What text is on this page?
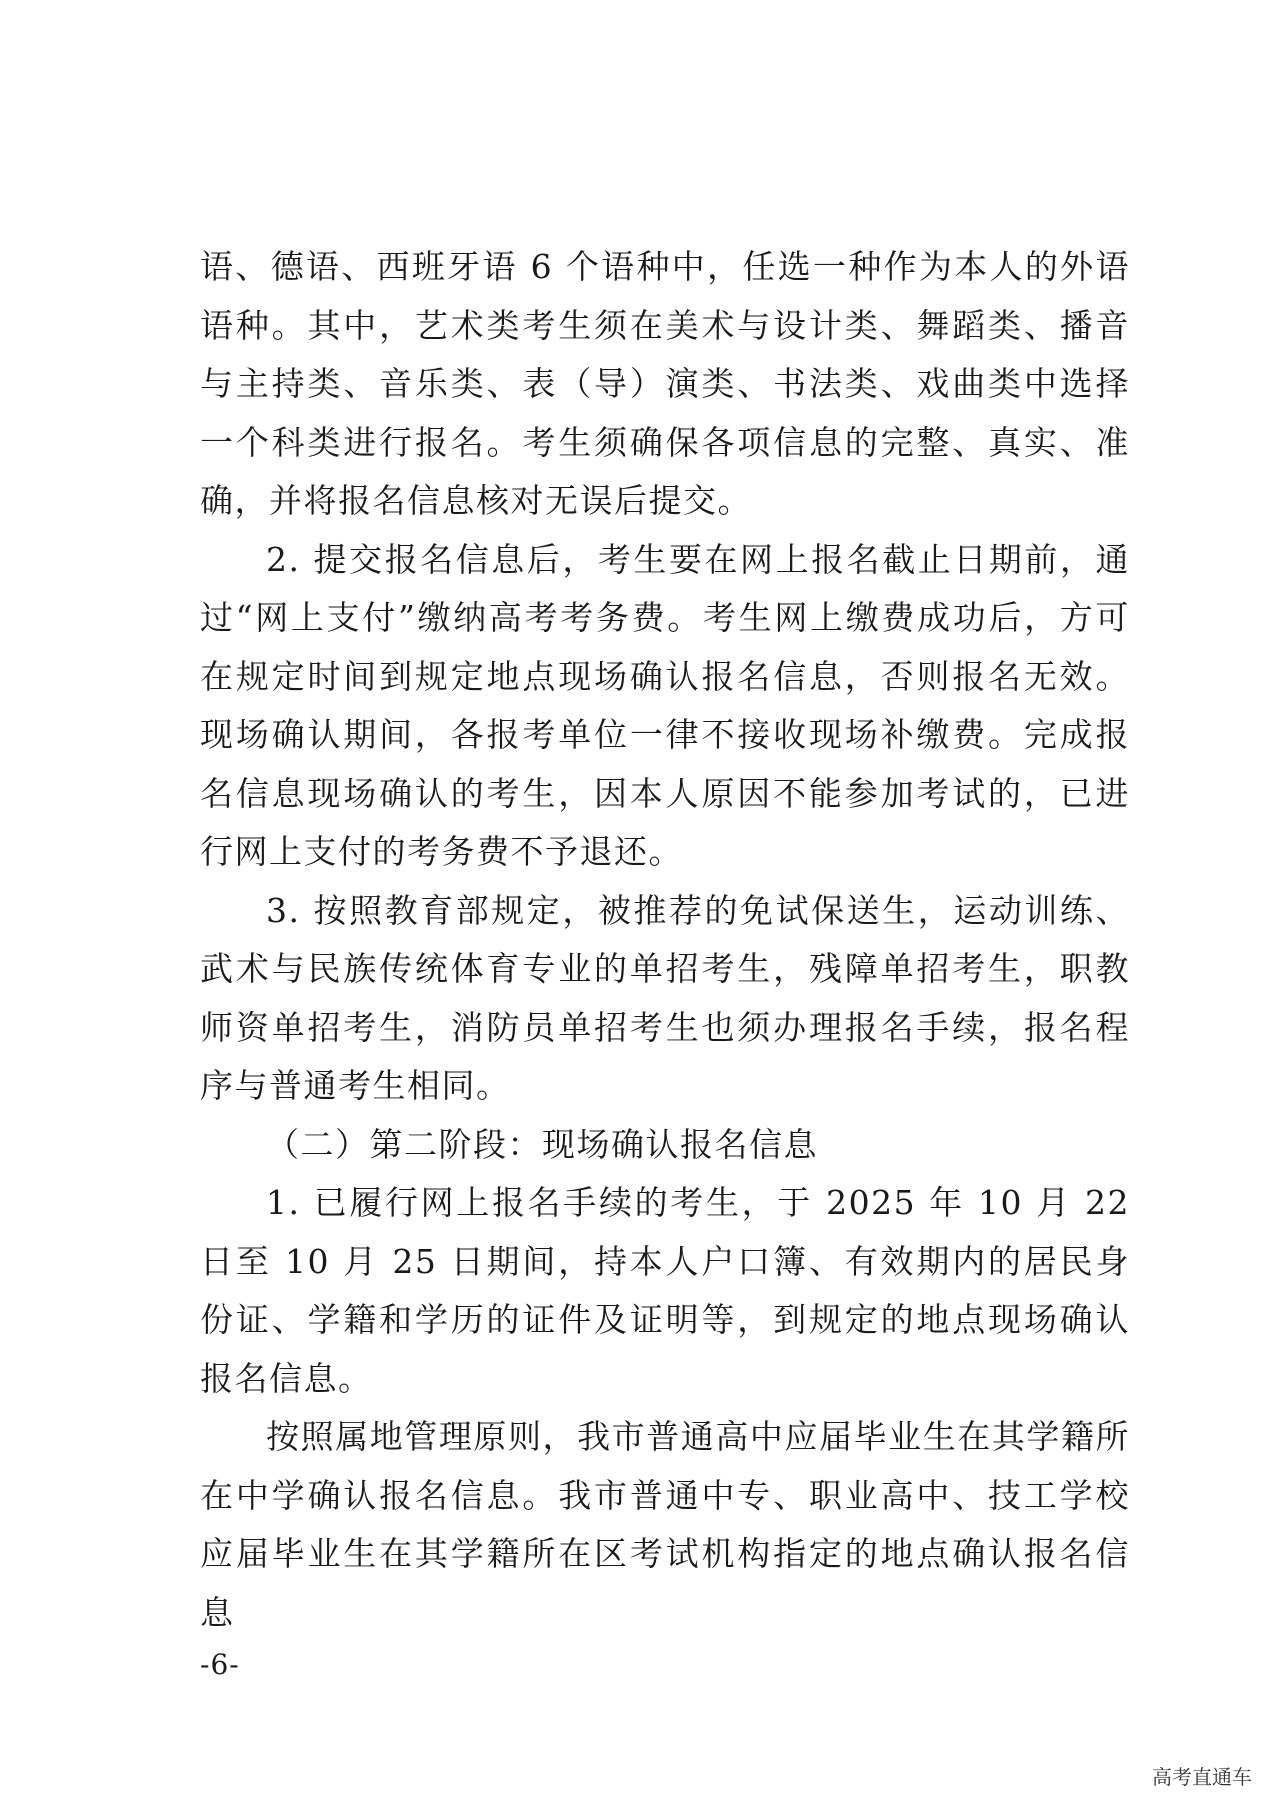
语、德语、西班牙语 6 个语种中，任选一种作为本人的外语语种。其中，艺术类考生须在美术与设计类、舞蹈类、播音与主持类、音乐类、表（导）演类、书法类、戏曲类中选择一个科类进行报名。考生须确保各项信息的完整、真实、准确，并将报名信息核对无误后提交。

2. 提交报名信息后，考生要在网上报名截止日期前，通过“网上支付”缴纳高考考务费。考生网上缴费成功后，方可在规定时间到规定地点现场确认报名信息，否则报名无效。现场确认期间，各报考单位一律不接收现场补缴费。完成报名信息现场确认的考生，因本人原因不能参加考试的，已进行网上支付的考务费不予退还。

3. 按照教育部规定，被推荐的免试保送生，运动训练、武术与民族传统体育专业的单招考生，残障单招考生，职教师资单招考生，消防员单招考生也须办理报名手续，报名程序与普通考生相同。

（二）第二阶段：现场确认报名信息

1. 已履行网上报名手续的考生，于 2025 年 10 月 22 日至 10 月 25 日期间，持本人户口簿、有效期内的居民身份证、学籍和学历的证件及证明等，到规定的地点现场确认报名信息。

按照属地管理原则，我市普通高中应届毕业生在其学籍所在中学确认报名信息。我市普通中专、职业高中、技工学校应届毕业生在其学籍所在区考试机构指定的地点确认报名信息

-6-
高考直通车
